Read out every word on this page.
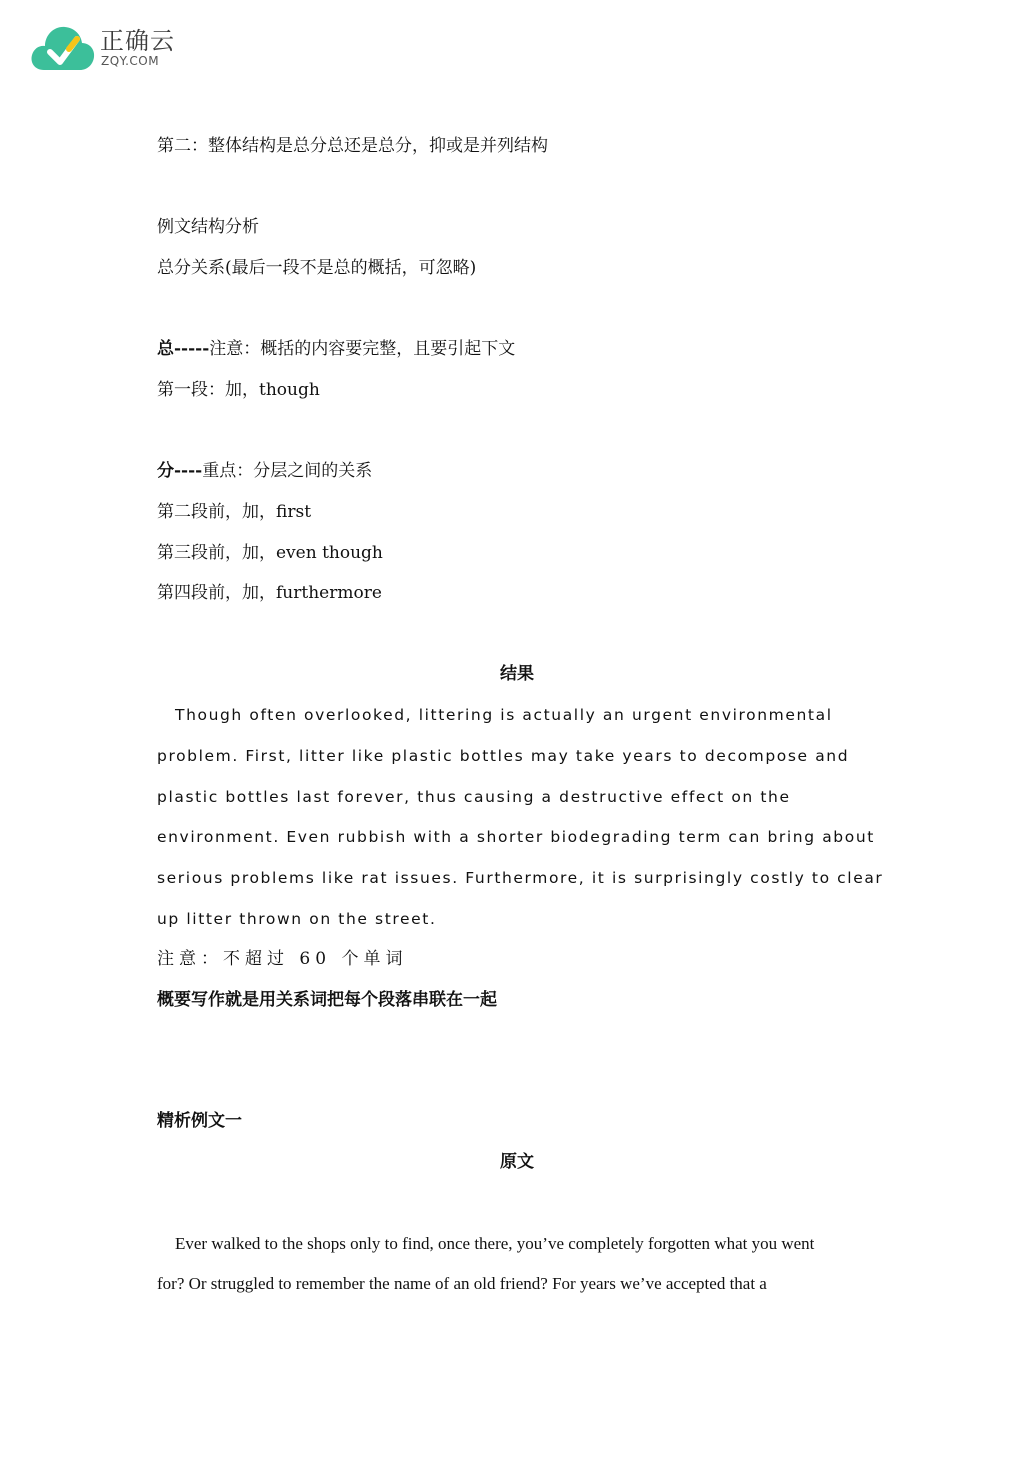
正确云
ZQY.COM
第二：整体结构是总分总还是总分，抑或是并列结构
例文结构分析
总分关系(最后一段不是总的概括，可忽略)
总-----注意：概括的内容要完整，且要引起下文
第一段：加，though
分----重点：分层之间的关系
第二段前，加，first
第三段前，加，even though
第四段前，加，furthermore
结果
Though often overlooked, littering is actually an urgent environmental
problem. First, litter like plastic bottles may take years to decompose and
plastic bottles last forever, thus causing a destructive effect on the
environment. Even rubbish with a shorter biodegrading term can bring about
serious problems like rat issues. Furthermore, it is surprisingly costly to clear
up litter thrown on the street.
注意：不超过 60 个单词
概要写作就是用关系词把每个段落串联在一起
精析例文一
原文
Ever walked to the shops only to find, once there, you’ve completely forgotten what you went
for? Or struggled to remember the name of an old friend? For years we’ve accepted that a
